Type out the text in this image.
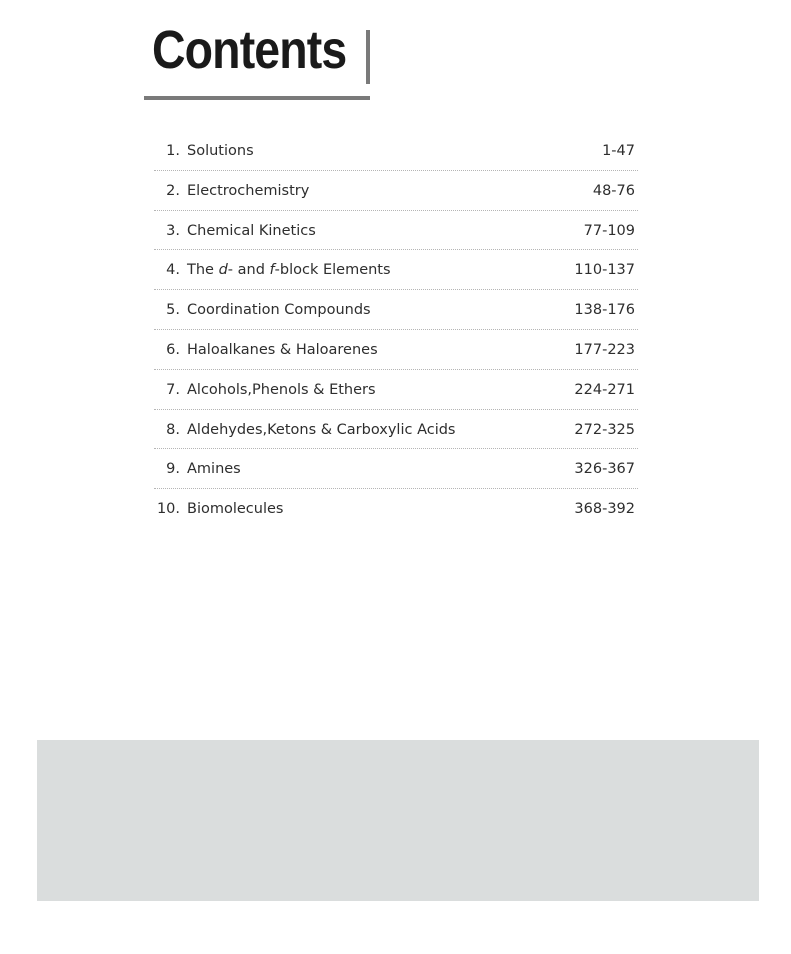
Contents
1. Solutions	1-47
2. Electrochemistry	48-76
3. Chemical Kinetics	77-109
4. The d- and f-block Elements	110-137
5. Coordination Compounds	138-176
6. Haloalkanes & Haloarenes	177-223
7. Alcohols,Phenols & Ethers	224-271
8. Aldehydes,Ketons & Carboxylic Acids	272-325
9. Amines	326-367
10. Biomolecules	368-392
